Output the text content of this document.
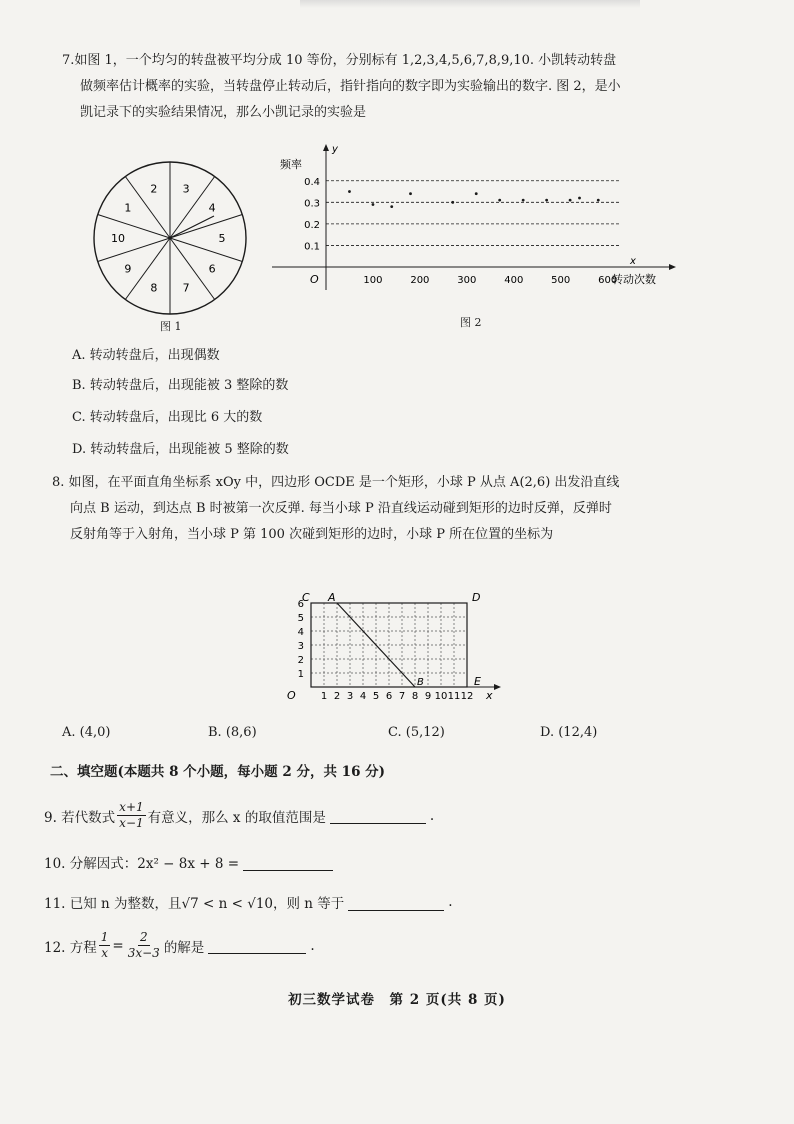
7.如图 1，一个均匀的转盘被平均分成 10 等份，分别标有 1,2,3,4,5,6,7,8,9,10. 小凯转动转盘
做频率估计概率的实验，当转盘停止转动后，指针指向的数字即为实验输出的数字. 图 2，是小
凯记录下的实验结果情况，那么小凯记录的实验是
1
2 3
4
5
6
7
8
9
10
图 1
y
频率
x
转动次数
O
0.1
0.2
0.3
0.4
100	200	300	400	500	600
图 2
A. 转动转盘后，出现偶数
B. 转动转盘后，出现能被 3 整除的数
C. 转动转盘后，出现比 6 大的数
D. 转动转盘后，出现能被 5 整除的数
8. 如图，在平面直角坐标系 xOy 中，四边形 OCDE 是一个矩形，小球 P 从点 A(2,6) 出发沿直线
向点 B 运动，到达点 B 时被第一次反弹. 每当小球 P 沿直线运动碰到矩形的边时反弹，反弹时
反射角等于入射角，当小球 P 第 100 次碰到矩形的边时，小球 P 所在位置的坐标为
1 2 3 4 5 6 7 8 9 10 11 12
1
2
3
4
5
6
C A	D
B	E
O	x
A. (4,0)	B. (8,6)	C. (5,12)	D. (12,4)
二、填空题(本题共 8 个小题，每小题 2 分，共 16 分)
9. 若代数式 $\frac{x+1}{x-1}$ 有意义，那么 x 的取值范围是	.
10. 分解因式：2x² − 8x + 8 =
11. 已知 n 为整数，且√7 < n < √10，则 n 等于	.
12. 方程 $\frac{1}{x} = \frac{2}{3x-3}$ 的解是	.
初三数学试卷　第 2 页(共 8 页)
